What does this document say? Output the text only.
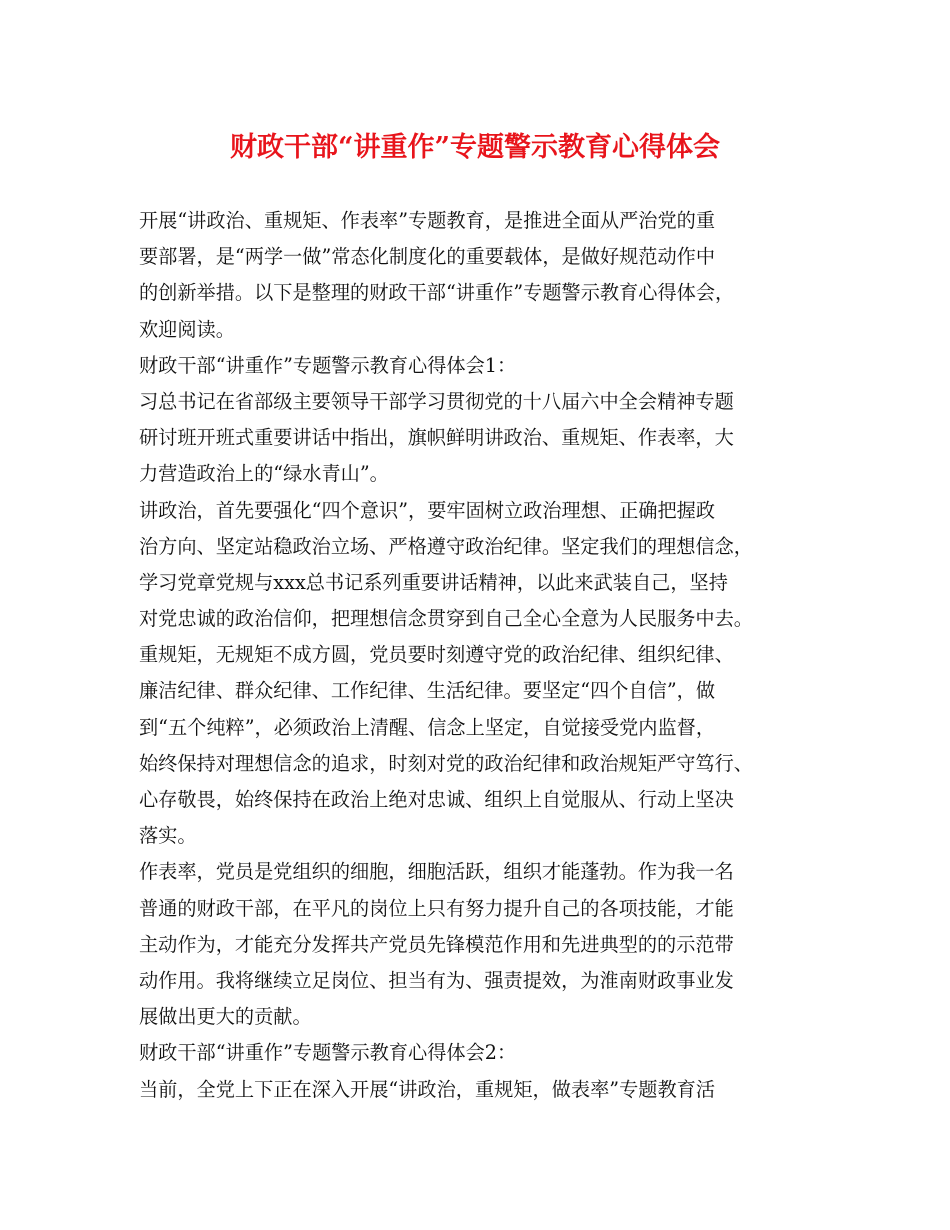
财政干部“讲重作”专题警示教育心得体会
开展“讲政治、重规矩、作表率”专题教育，是推进全面从严治党的重
要部署，是“两学一做”常态化制度化的重要载体，是做好规范动作中
的创新举措。以下是整理的财政干部“讲重作”专题警示教育心得体会，
欢迎阅读。
财政干部“讲重作”专题警示教育心得体会1：
习总书记在省部级主要领导干部学习贯彻党的十八届六中全会精神专题
研讨班开班式重要讲话中指出，旗帜鲜明讲政治、重规矩、作表率，大
力营造政治上的“绿水青山”。
讲政治，首先要强化“四个意识”，要牢固树立政治理想、正确把握政
治方向、坚定站稳政治立场、严格遵守政治纪律。坚定我们的理想信念，
学习党章党规与xxx总书记系列重要讲话精神，以此来武装自己，坚持
对党忠诚的政治信仰，把理想信念贯穿到自己全心全意为人民服务中去。
重规矩，无规矩不成方圆，党员要时刻遵守党的政治纪律、组织纪律、
廉洁纪律、群众纪律、工作纪律、生活纪律。要坚定“四个自信”，做
到“五个纯粹”，必须政治上清醒、信念上坚定，自觉接受党内监督，
始终保持对理想信念的追求，时刻对党的政治纪律和政治规矩严守笃行、
心存敬畏，始终保持在政治上绝对忠诚、组织上自觉服从、行动上坚决
落实。
作表率，党员是党组织的细胞，细胞活跃，组织才能蓬勃。作为我一名
普通的财政干部，在平凡的岗位上只有努力提升自己的各项技能，才能
主动作为，才能充分发挥共产党员先锋模范作用和先进典型的的示范带
动作用。我将继续立足岗位、担当有为、强责提效，为淮南财政事业发
展做出更大的贡献。
财政干部“讲重作”专题警示教育心得体会2：
当前，全党上下正在深入开展“讲政治，重规矩，做表率”专题教育活
